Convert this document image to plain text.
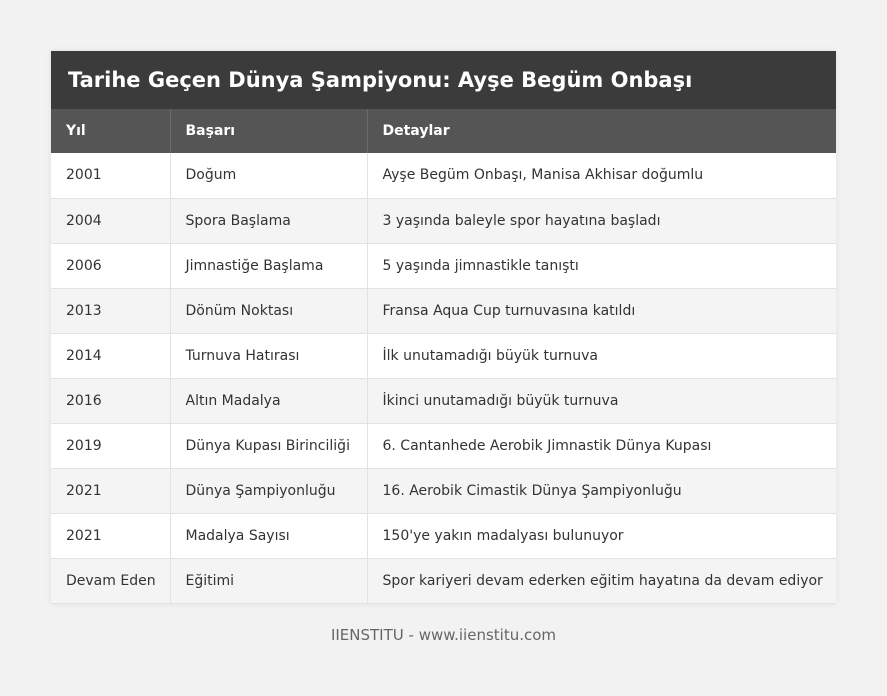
Tarihe Geçen Dünya Şampiyonu: Ayşe Begüm Onbaşı
Yıl	Başarı	Detaylar
2001	Doğum	Ayşe Begüm Onbaşı, Manisa Akhisar doğumlu
2004	Spora Başlama	3 yaşında baleyle spor hayatına başladı
2006	Jimnastiğe Başlama	5 yaşında jimnastikle tanıştı
2013	Dönüm Noktası	Fransa Aqua Cup turnuvasına katıldı
2014	Turnuva Hatırası	İlk unutamadığı büyük turnuva
2016	Altın Madalya	İkinci unutamadığı büyük turnuva
2019	Dünya Kupası Birinciliği	6. Cantanhede Aerobik Jimnastik Dünya Kupası
2021	Dünya Şampiyonluğu	16. Aerobik Cimastik Dünya Şampiyonluğu
2021	Madalya Sayısı	150'ye yakın madalyası bulunuyor
Devam Eden	Eğitimi	Spor kariyeri devam ederken eğitim hayatına da devam ediyor
IIENSTITU - www.iienstitu.com
